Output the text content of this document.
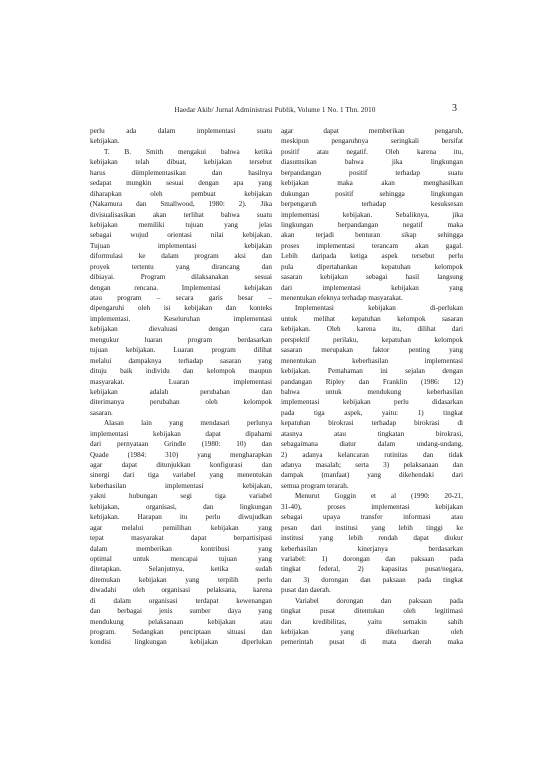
Haedar Akib/ Jurnal Administrasi Publik, Volume 1 No. 1 Thn. 2010	3
perlu ada dalam implementasi suatu
kebijakan.
T. B. Smith mengakui bahwa ketika
kebijakan telah dibuat, kebijakan tersebut
harus diimplementasikan dan hasilnya
sedapat mungkin sesuai dengan apa yang
diharapkan oleh pembuat kebijakan
(Nakamura dan Smallwood, 1980: 2). Jika
divisualisasikan akan terlihat bahwa suatu
kebijakan memiliki tujuan yang jelas
sebagai wujud orientasi nilai kebijakan.
Tujuan implementasi kebijakan
diformulasi ke dalam program aksi dan
proyek tertentu yang dirancang dan
dibiayai. Program dilaksanakan sesuai
dengan rencana. Implementasi kebijakan
atau program – secara garis besar –
dipengaruhi oleh isi kebijakan dan konteks
implementasi. Keseluruhan implementasi
kebijakan dievaluasi dengan cara
mengukur luaran program berdasarkan
tujuan kebijakan. Luaran program dilihat
melalui dampaknya terhadap sasaran yang
dituju baik individu dan kelompok maupun
masyarakat. Luaran implementasi
kebijakan adalah perubahan dan
diterimanya perubahan oleh kelompok
sasaran.
Alasan lain yang mendasari perlunya
implementasi kebijakan dapat dipahami
dari pernyataan Grindle (1980: 10) dan
Quade (1984: 310) yang mengharapkan
agar dapat ditunjukkan konfigurasi dan
sinergi dari tiga variabel yang menentukan
keberhasilan implementasi kebijakan,
yakni hubungan segi tiga variabel
kebijakan, organisasi, dan lingkungan
kebijakan. Harapan itu perlu diwujudkan
agar melalui pemilihan kebijakan yang
tepat masyarakat dapat berpartisipasi
dalam memberikan kontribusi yang
optimal untuk mencapai tujuan yang
ditetapkan. Selanjutnya, ketika sudah
ditemukan kebijakan yang terpilih perlu
diwadahi oleh organisasi pelaksana, karena
di dalam organisasi terdapat kewenangan
dan berbagai jenis sumber daya yang
mendukung pelaksanaan kebijakan atau
program. Sedangkan penciptaan situasi dan
kondisi lingkungan kebijakan diperlukan
agar dapat memberikan pengaruh,
meskipun pengaruhnya seringkali bersifat
positif atau negatif. Oleh karena itu,
diasumsikan bahwa jika lingkungan
berpandangan positif terhadap suatu
kebijakan maka akan menghasilkan
dukungan positif sehingga lingkungan
berpengaruh terhadap kesuksesan
implementasi kebijakan. Sebaliknya, jika
lingkungan berpandangan negatif maka
akan terjadi benturan sikap sehingga
proses implementasi terancam akan gagal.
Lebih daripada ketiga aspek tersebut perlu
pula dipertahankan kepatuhan kelompok
sasaran kebijakan sebagai hasil langsung
dari implementasi kebijakan yang
menentukan efeknya terhadap masyarakat.
Implementasi kebijakan di-perlukan
untuk melihat kepatuhan kelompok sasaran
kebijakan. Oleh karena itu, dilihat dari
perspektif perilaku, kepatuhan kelompok
sasaran merupakan faktor penting yang
menentukan keberhasilan implementasi
kebijakan. Pemahaman ini sejalan dengan
pandangan Ripley dan Franklin (1986: 12)
bahwa untuk mendukung keberhasilan
implementasi kebijakan perlu didasarkan
pada tiga aspek, yaitu: 1) tingkat
kepatuhan birokrasi terhadap birokrasi di
atasnya atau tingkatan birokrasi,
sebagaimana diatur dalam undang-undang,
2) adanya kelancaran rutinitas dan tidak
adanya masalah; serta 3) pelaksanaan dan
dampak (manfaat) yang dikehendaki dari
semua program terarah.
Menurut Goggin et al (1990: 20-21,
31-40), proses implementasi kebijakan
sebagai upaya transfer informasi atau
pesan dari institusi yang lebih tinggi ke
institusi yang lebih rendah dapat diukur
keberhasilan kinerjanya berdasarkan
variabel: 1) dorongan dan paksaan pada
tingkat federal, 2) kapasitas pusat/negara,
dan 3) dorongan dan paksaan pada tingkat
pusat dan daerah.
Variabel dorongan dan paksaan pada
tingkat pusat ditentukan oleh legitimasi
dan kredibilitas, yaitu semakin sahih
kebijakan yang dikeluarkan oleh
pemerintah pusat di mata daerah maka
